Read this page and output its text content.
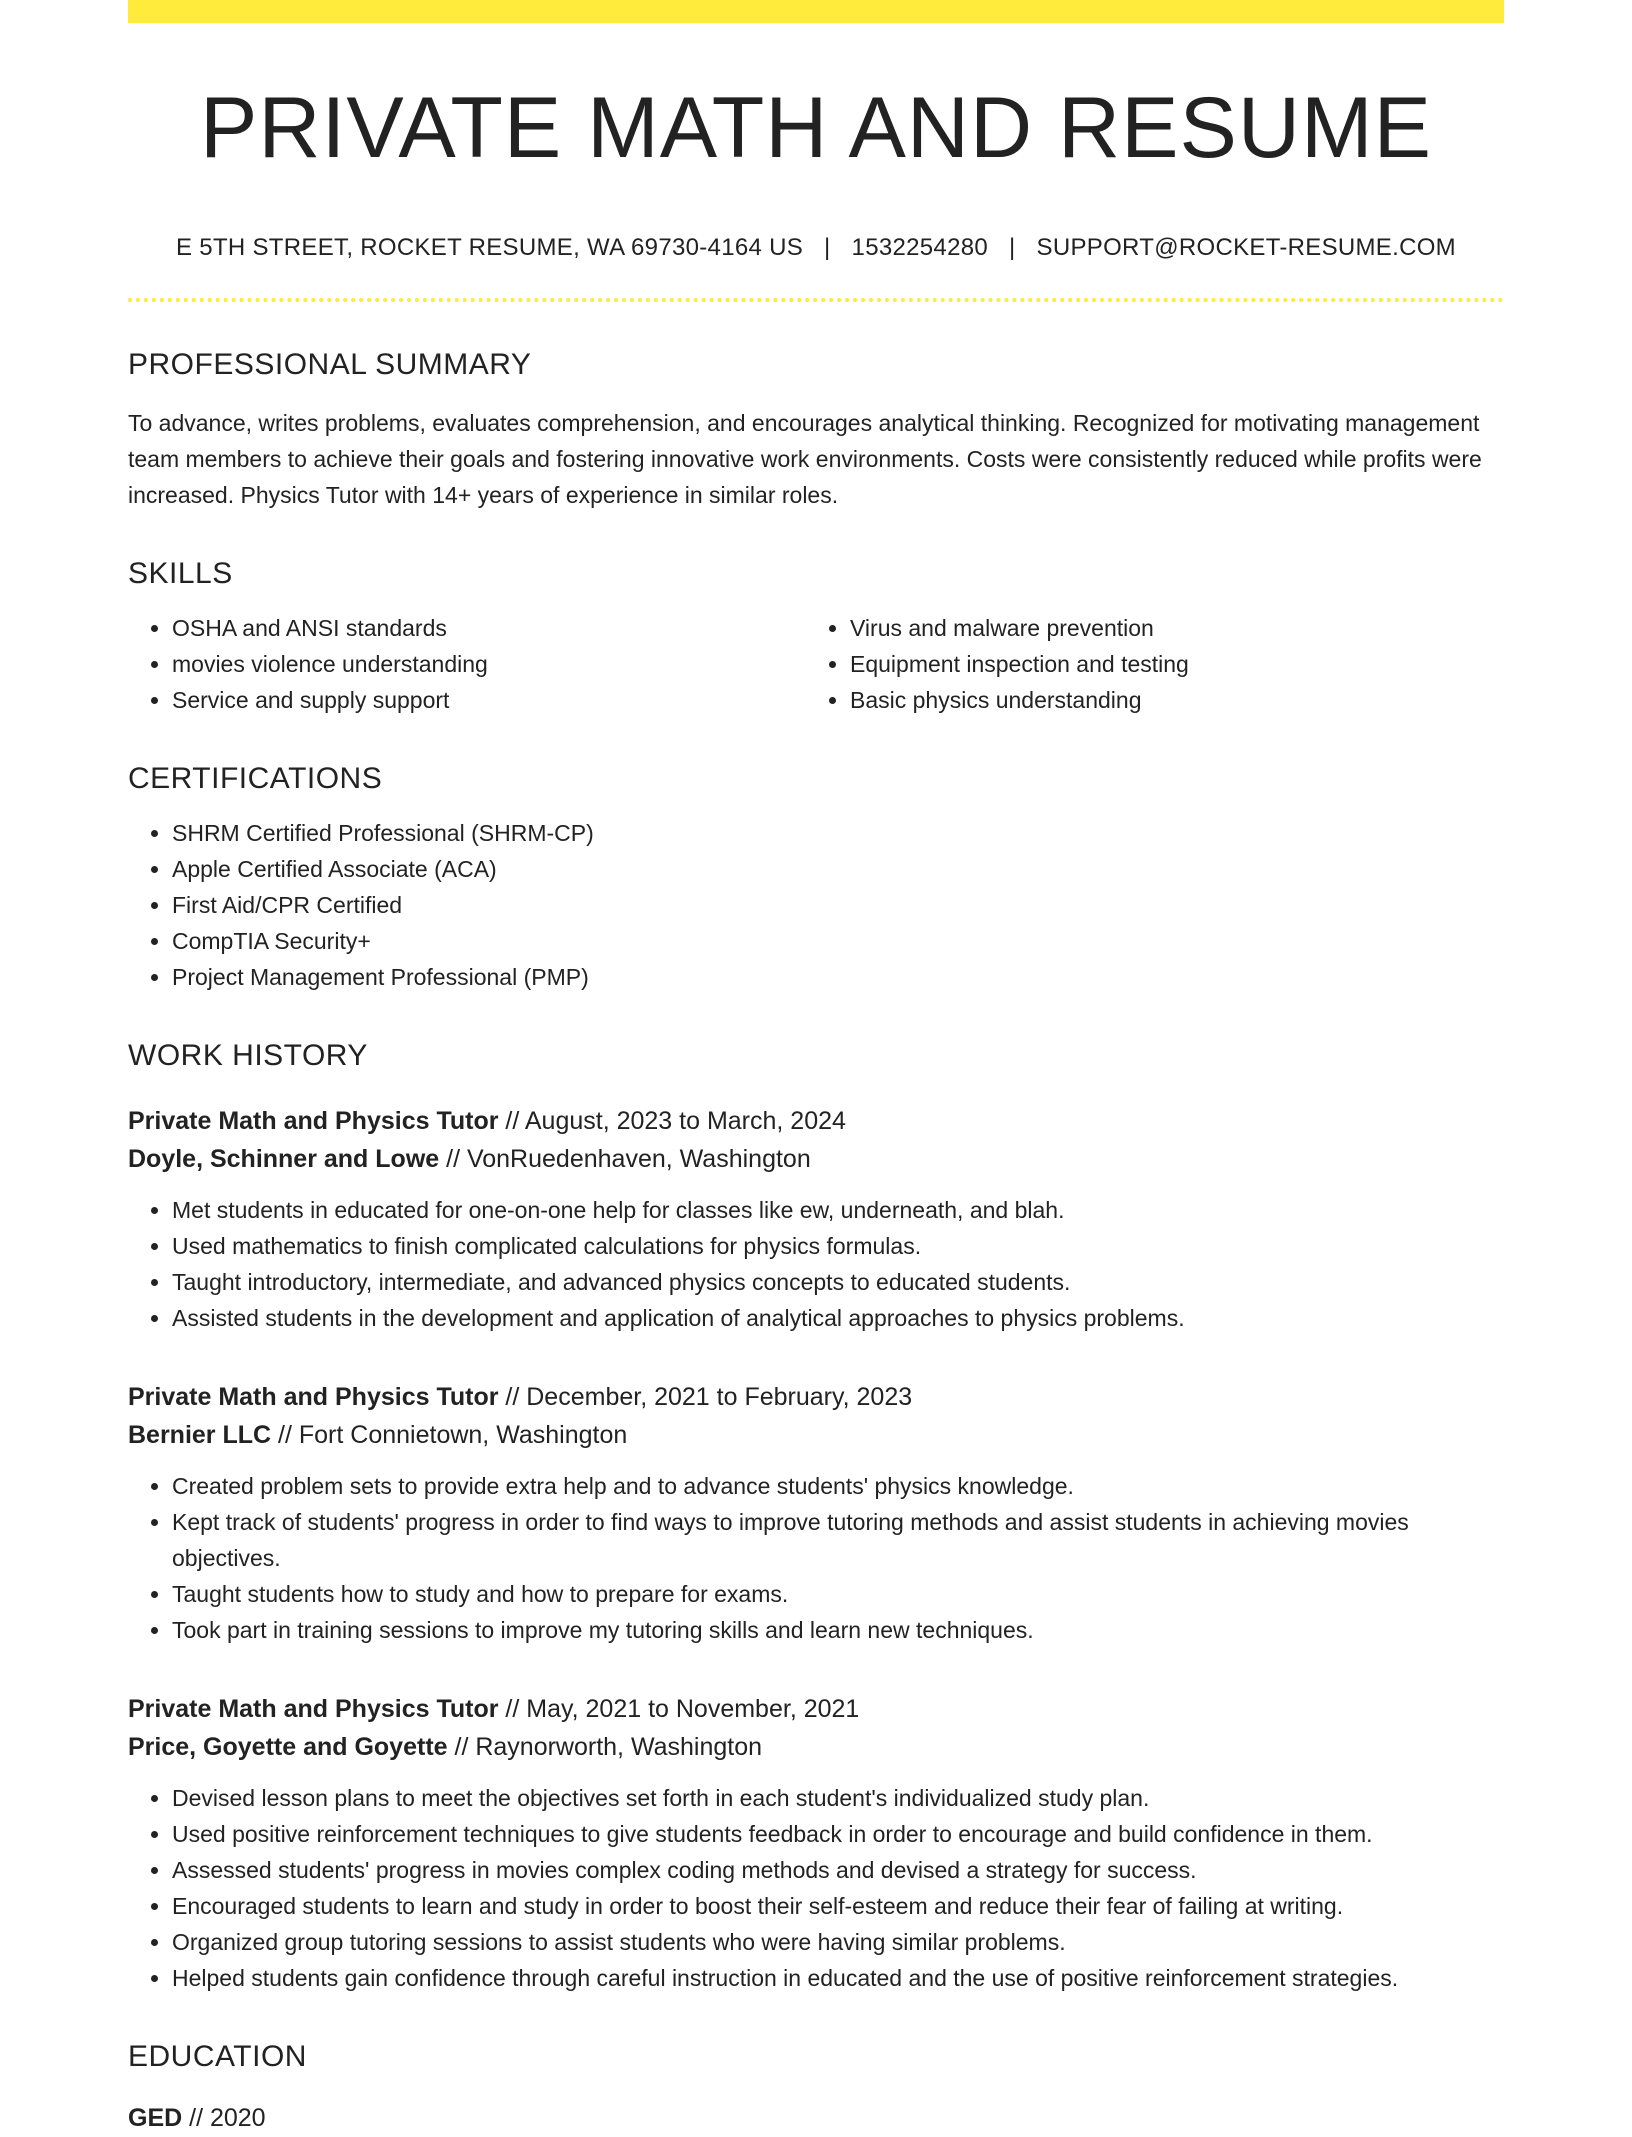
PRIVATE MATH AND RESUME
E 5TH STREET, ROCKET RESUME, WA 69730-4164 US | 1532254280 | SUPPORT@ROCKET-RESUME.COM
PROFESSIONAL SUMMARY
To advance, writes problems, evaluates comprehension, and encourages analytical thinking. Recognized for motivating management team members to achieve their goals and fostering innovative work environments. Costs were consistently reduced while profits were increased. Physics Tutor with 14+ years of experience in similar roles.
SKILLS
• OSHA and ANSI standards
• movies violence understanding
• Service and supply support
• Virus and malware prevention
• Equipment inspection and testing
• Basic physics understanding
CERTIFICATIONS
• SHRM Certified Professional (SHRM-CP)
• Apple Certified Associate (ACA)
• First Aid/CPR Certified
• CompTIA Security+
• Project Management Professional (PMP)
WORK HISTORY
Private Math and Physics Tutor // August, 2023 to March, 2024
Doyle, Schinner and Lowe // VonRuedenhaven, Washington
• Met students in educated for one-on-one help for classes like ew, underneath, and blah.
• Used mathematics to finish complicated calculations for physics formulas.
• Taught introductory, intermediate, and advanced physics concepts to educated students.
• Assisted students in the development and application of analytical approaches to physics problems.
Private Math and Physics Tutor // December, 2021 to February, 2023
Bernier LLC // Fort Connietown, Washington
• Created problem sets to provide extra help and to advance students' physics knowledge.
• Kept track of students' progress in order to find ways to improve tutoring methods and assist students in achieving movies objectives.
• Taught students how to study and how to prepare for exams.
• Took part in training sessions to improve my tutoring skills and learn new techniques.
Private Math and Physics Tutor // May, 2021 to November, 2021
Price, Goyette and Goyette // Raynorworth, Washington
• Devised lesson plans to meet the objectives set forth in each student's individualized study plan.
• Used positive reinforcement techniques to give students feedback in order to encourage and build confidence in them.
• Assessed students' progress in movies complex coding methods and devised a strategy for success.
• Encouraged students to learn and study in order to boost their self-esteem and reduce their fear of failing at writing.
• Organized group tutoring sessions to assist students who were having similar problems.
• Helped students gain confidence through careful instruction in educated and the use of positive reinforcement strategies.
EDUCATION
GED // 2020
